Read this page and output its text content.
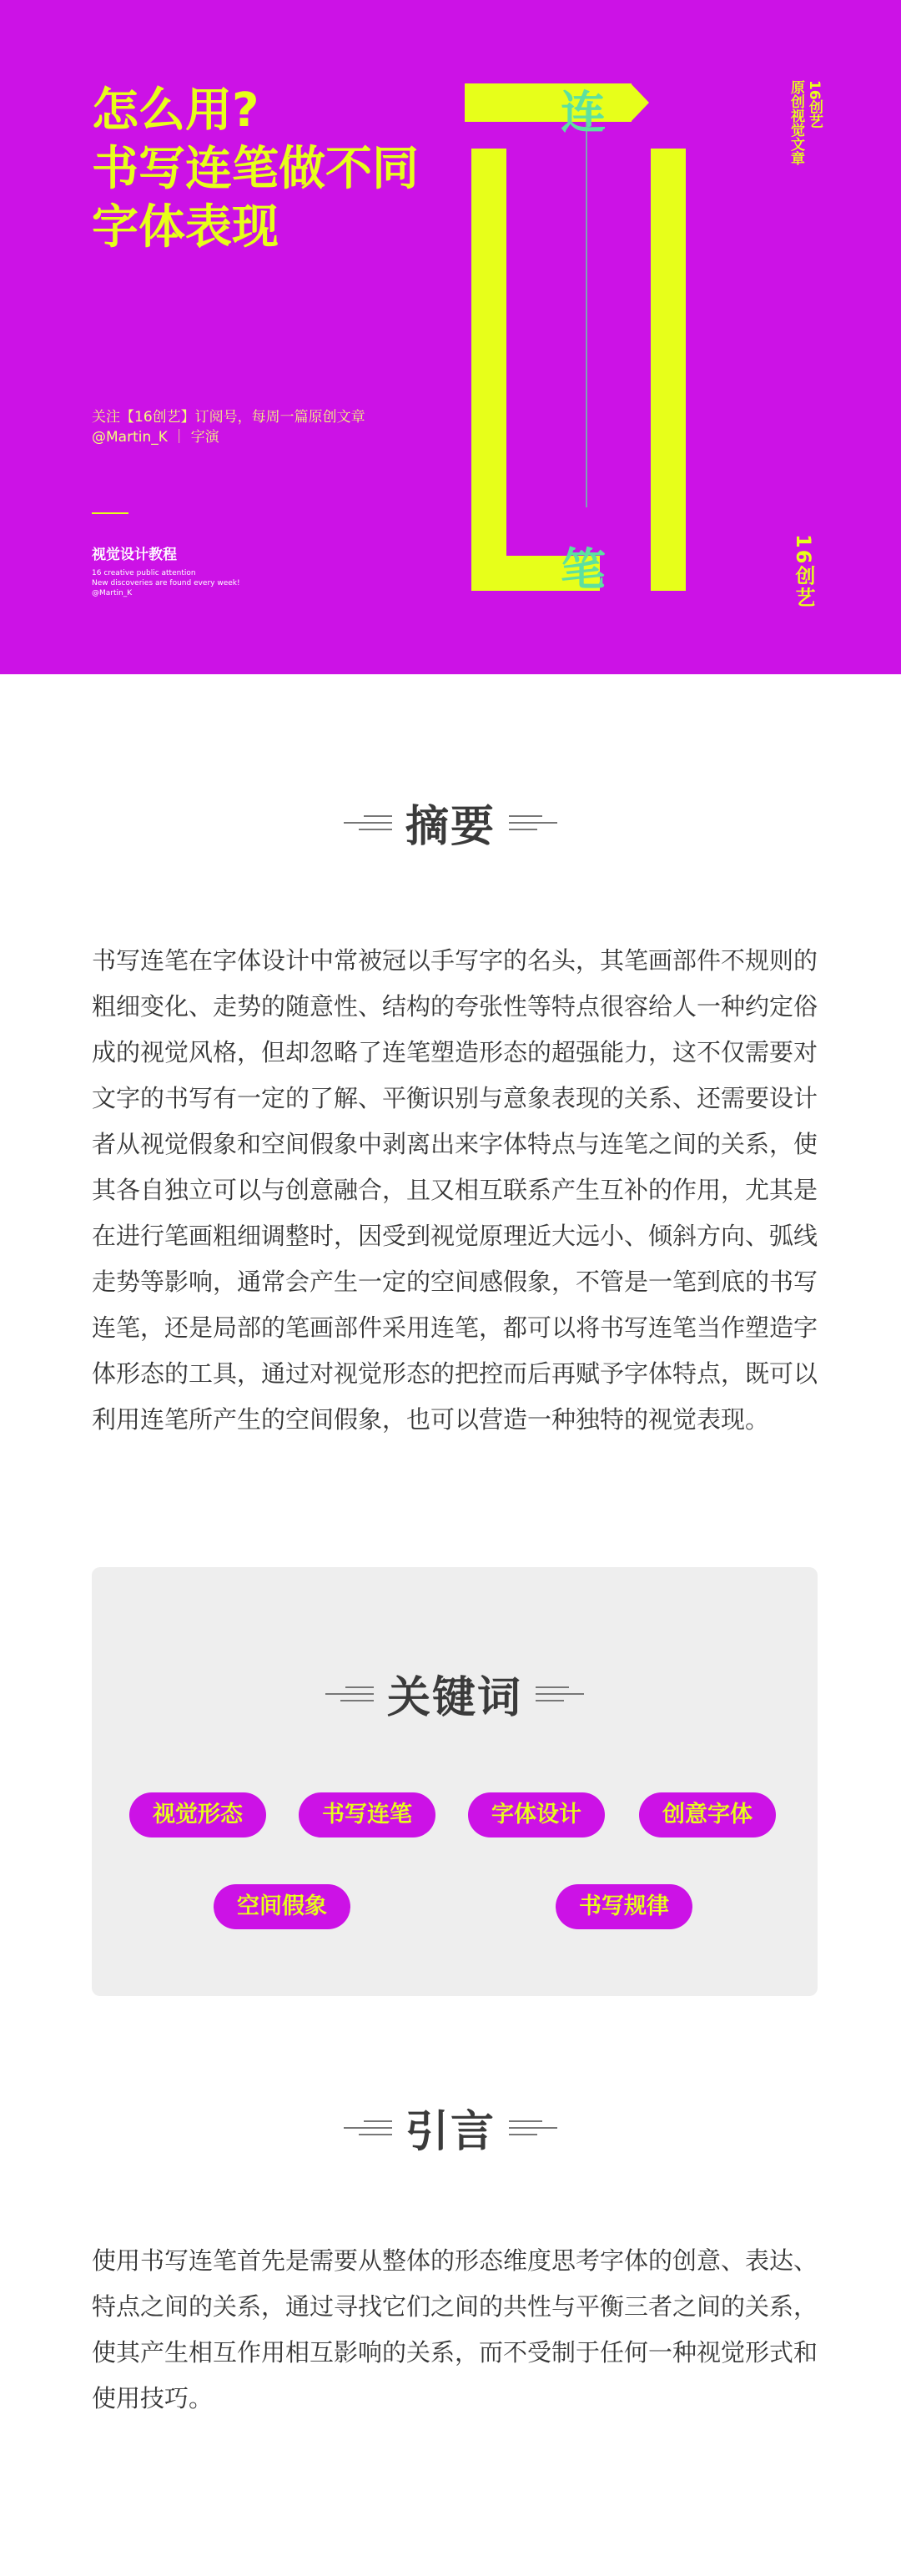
怎么用?
书写连笔做不同
字体表现
关注【16创艺】订阅号，每周一篇原创文章
@Martin_K ｜ 字演
视觉设计教程
16 creative public attention
New discoveries are found every week!
@Martin_K
连
笔
16创艺
原创视觉文章
16创艺
摘要

书写连笔在字体设计中常被冠以手写字的名头，其笔画部件不规则的粗细变化、走势的随意性、结构的夸张性等特点很容给人一种约定俗成的视觉风格，但却忽略了连笔塑造形态的超强能力，这不仅需要对文字的书写有一定的了解、平衡识别与意象表现的关系、还需要设计者从视觉假象和空间假象中剥离出来字体特点与连笔之间的关系，使其各自独立可以与创意融合，且又相互联系产生互补的作用，尤其是在进行笔画粗细调整时，因受到视觉原理近大远小、倾斜方向、弧线走势等影响，通常会产生一定的空间感假象，不管是一笔到底的书写连笔，还是局部的笔画部件采用连笔，都可以将书写连笔当作塑造字体形态的工具，通过对视觉形态的把控而后再赋予字体特点，既可以利用连笔所产生的空间假象，也可以营造一种独特的视觉表现。

关键词
视觉形态	书写连笔	字体设计	创意字体
空间假象	书写规律
引言

使用书写连笔首先是需要从整体的形态维度思考字体的创意、表达、特点之间的关系，通过寻找它们之间的共性与平衡三者之间的关系，使其产生相互作用相互影响的关系，而不受制于任何一种视觉形式和使用技巧。
